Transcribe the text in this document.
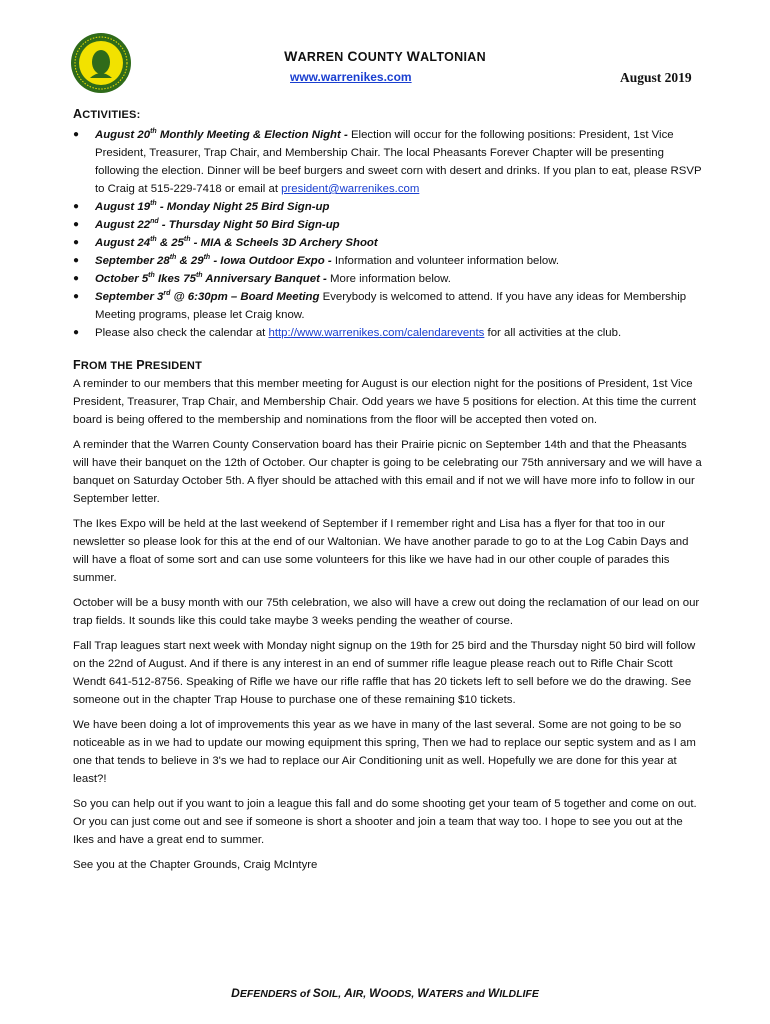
WARREN COUNTY WALTONIAN
www.warrenikes.com	August 2019
ACTIVITIES:
● August 20th Monthly Meeting & Election Night - Election will occur for the following positions: President, 1st Vice President, Treasurer, Trap Chair, and Membership Chair. The local Pheasants Forever Chapter will be presenting following the election. Dinner will be beef burgers and sweet corn with desert and drinks. If you plan to eat, please RSVP to Craig at 515-229-7418 or email at president@warrenikes.com
● August 19th - Monday Night 25 Bird Sign-up
● August 22nd - Thursday Night 50 Bird Sign-up
● August 24th & 25th - MIA & Scheels 3D Archery Shoot
● September 28th & 29th - Iowa Outdoor Expo - Information and volunteer information below.
● October 5th Ikes 75th Anniversary Banquet - More information below.
● September 3rd @ 6:30pm – Board Meeting Everybody is welcomed to attend. If you have any ideas for Membership Meeting programs, please let Craig know.
● Please also check the calendar at http://www.warrenikes.com/calendarevents for all activities at the club.
FROM THE PRESIDENT

A reminder to our members that this member meeting for August is our election night for the positions of President, 1st Vice President, Treasurer, Trap Chair, and Membership Chair. Odd years we have 5 positions for election. At this time the current board is being offered to the membership and nominations from the floor will be accepted then voted on.

A reminder that the Warren County Conservation board has their Prairie picnic on September 14th and that the Pheasants will have their banquet on the 12th of October. Our chapter is going to be celebrating our 75th anniversary and we will have a banquet on Saturday October 5th. A flyer should be attached with this email and if not we will have more info to follow in our September letter.

The Ikes Expo will be held at the last weekend of September if I remember right and Lisa has a flyer for that too in our newsletter so please look for this at the end of our Waltonian. We have another parade to go to at the Log Cabin Days and will have a float of some sort and can use some volunteers for this like we have had in our other couple of parades this summer.

October will be a busy month with our 75th celebration, we also will have a crew out doing the reclamation of our lead on our trap fields. It sounds like this could take maybe 3 weeks pending the weather of course.

Fall Trap leagues start next week with Monday night signup on the 19th for 25 bird and the Thursday night 50 bird will follow on the 22nd of August. And if there is any interest in an end of summer rifle league please reach out to Rifle Chair Scott Wendt 641-512-8756. Speaking of Rifle we have our rifle raffle that has 20 tickets left to sell before we do the drawing. See someone out in the chapter Trap House to purchase one of these remaining $10 tickets.

We have been doing a lot of improvements this year as we have in many of the last several. Some are not going to be so noticeable as in we had to update our mowing equipment this spring, Then we had to replace our septic system and as I am one that tends to believe in 3's we had to replace our Air Conditioning unit as well. Hopefully we are done for this year at least?!

So you can help out if you want to join a league this fall and do some shooting get your team of 5 together and come on out. Or you can just come out and see if someone is short a shooter and join a team that way too. I hope to see you out at the Ikes and have a great end to summer.

See you at the Chapter Grounds, Craig McIntyre

DEFENDERS of SOIL, AIR, WOODS, WATERS and WILDLIFE
